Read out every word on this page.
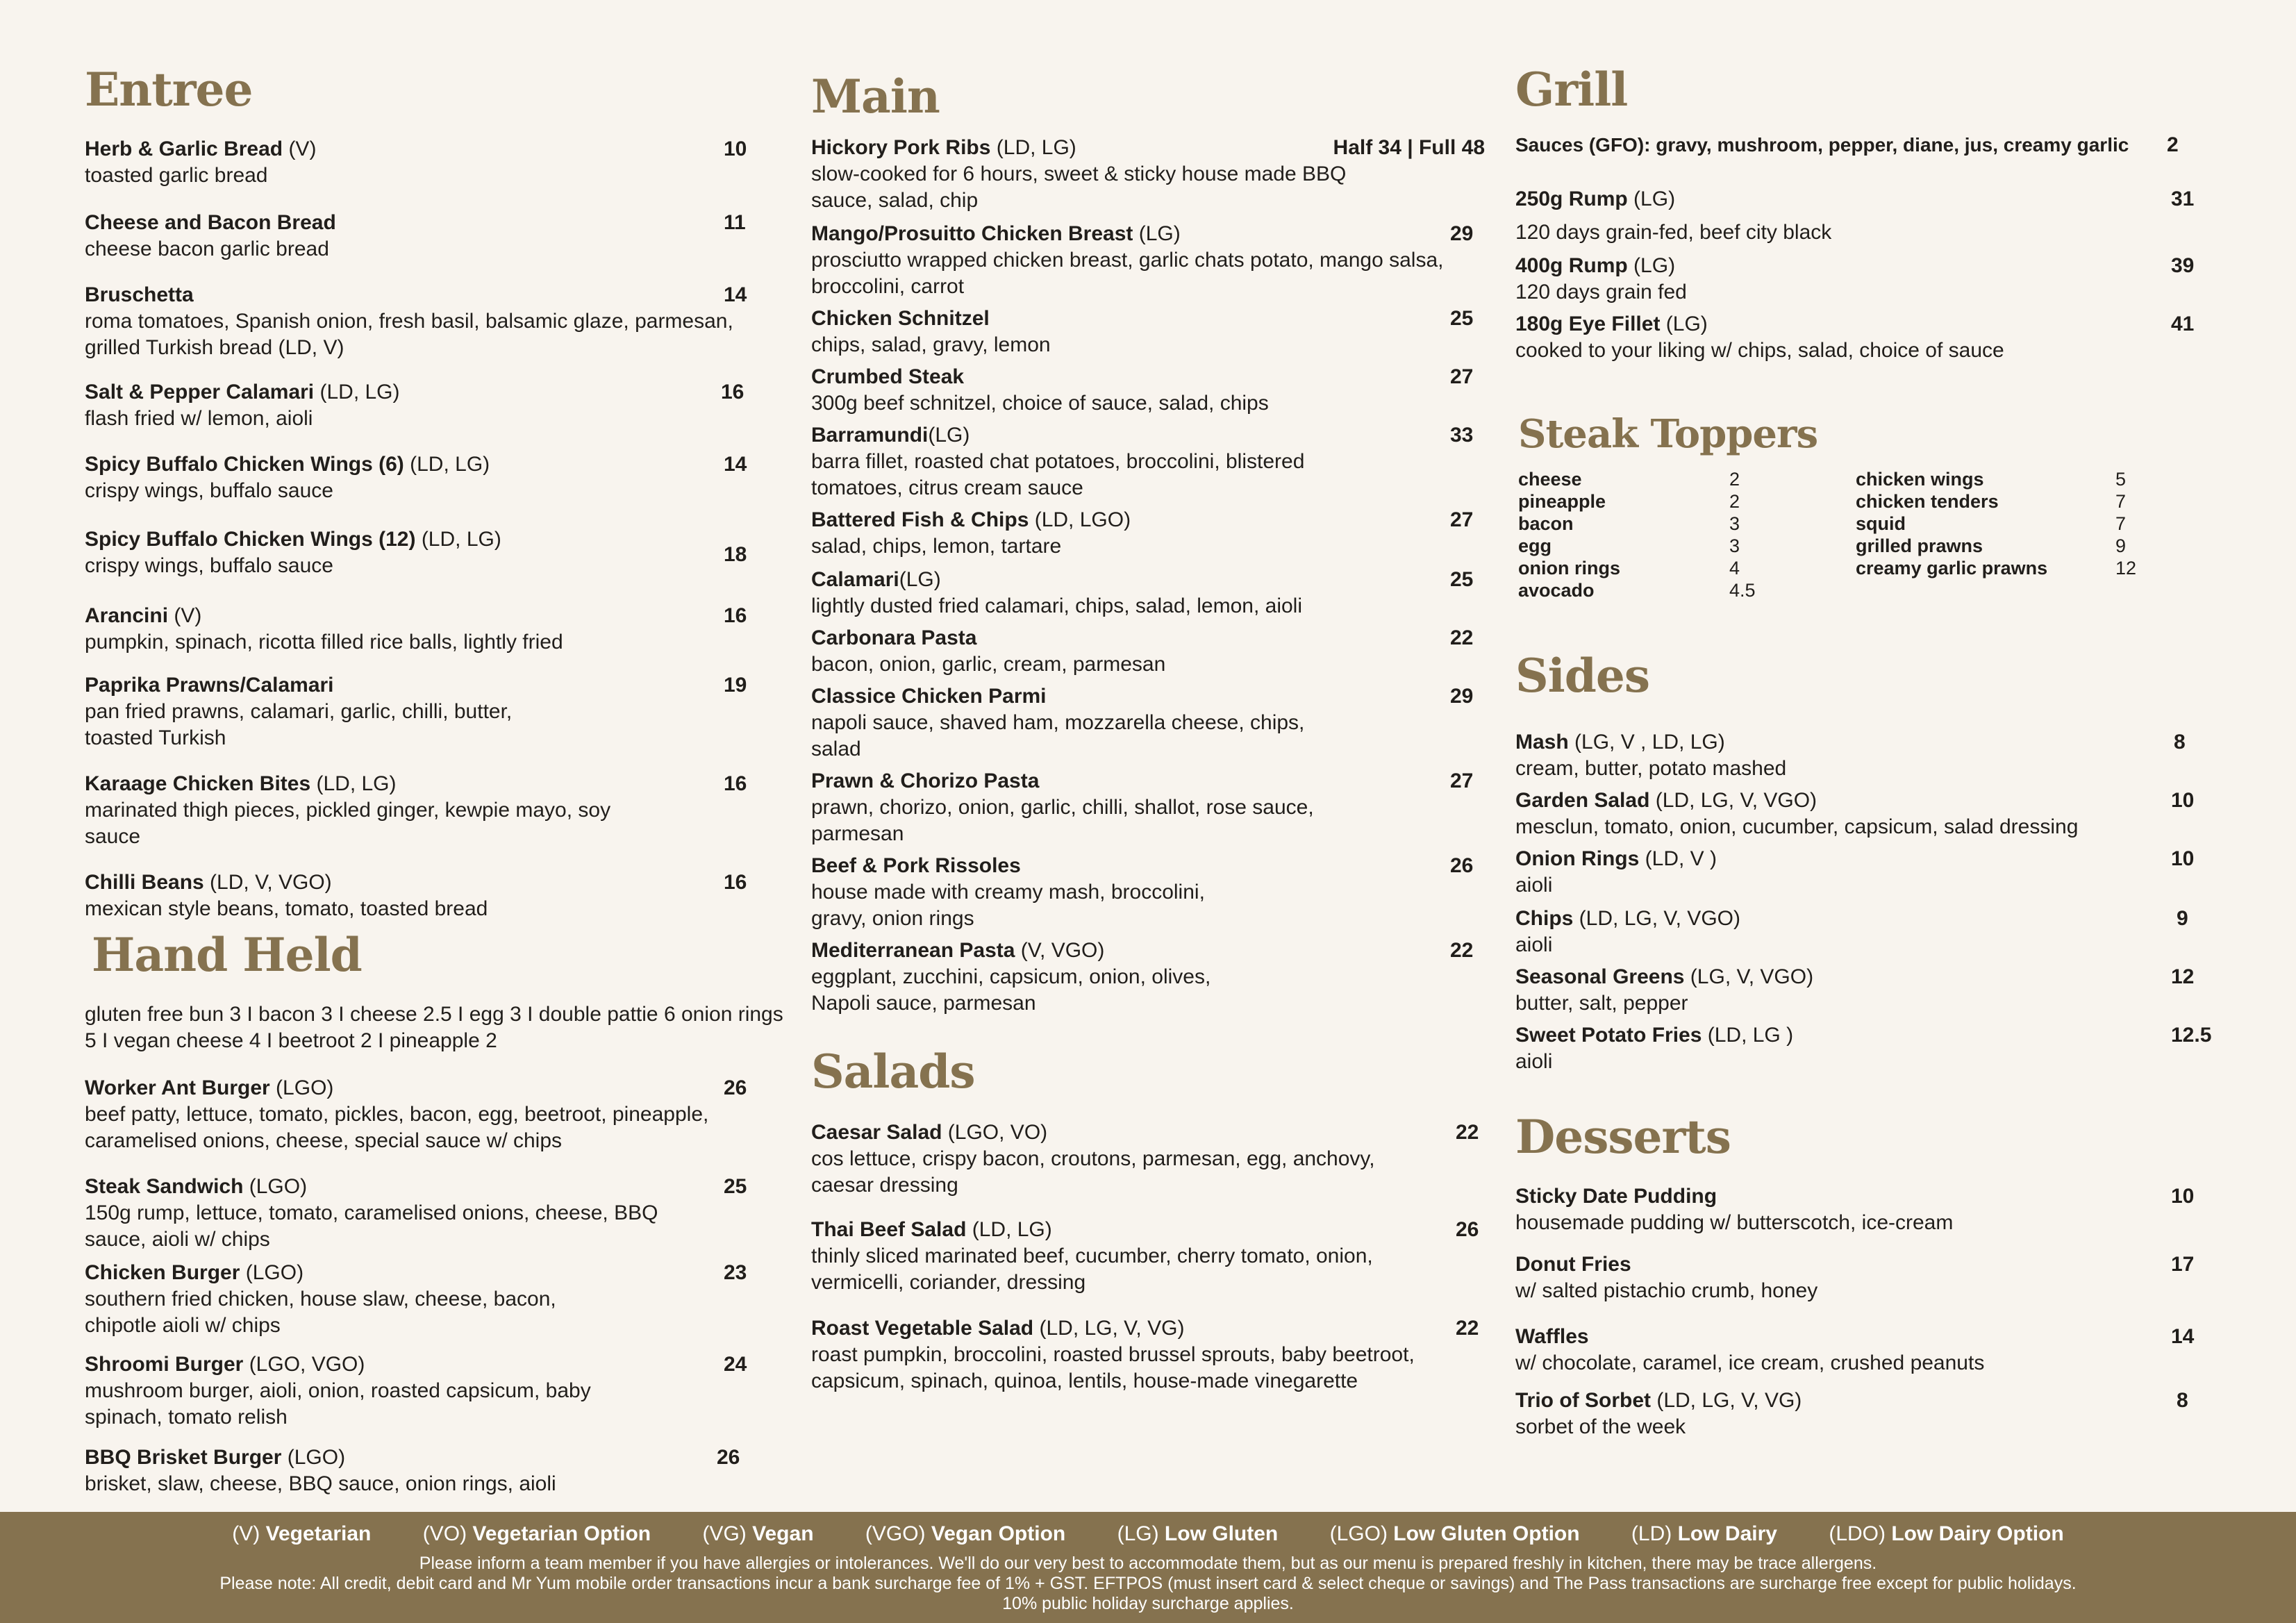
Entree
Herb & Garlic Bread (V)
toasted garlic bread
10
Cheese and Bacon Bread
cheese bacon garlic bread
11
Bruschetta
roma tomatoes, Spanish onion, fresh basil, balsamic glaze, parmesan, grilled Turkish bread (LD, V)
14
Salt & Pepper Calamari (LD, LG)
flash fried w/ lemon, aioli
16
Spicy Buffalo Chicken Wings (6) (LD, LG)
crispy wings, buffalo sauce
14
Spicy Buffalo Chicken Wings (12) (LD, LG)
crispy wings, buffalo sauce	18
Arancini (V)
pumpkin, spinach, ricotta filled rice balls, lightly fried
16
Paprika Prawns/Calamari
pan fried prawns, calamari, garlic, chilli, butter, toasted Turkish
19
Karaage Chicken Bites (LD, LG)
marinated thigh pieces, pickled ginger, kewpie mayo, soy sauce
16
Chilli Beans (LD, V, VGO)
mexican style beans, tomato, toasted bread
16
Hand Held
gluten free bun 3 I bacon 3 I cheese 2.5 I egg 3 I double pattie 6 onion rings 5 I vegan cheese 4 I beetroot 2 I pineapple 2
Worker Ant Burger (LGO)
beef patty, lettuce, tomato, pickles, bacon, egg, beetroot, pineapple, caramelised onions, cheese, special sauce w/ chips
26
Steak Sandwich (LGO)
150g rump, lettuce, tomato, caramelised onions, cheese, BBQ sauce, aioli w/ chips
25
Chicken Burger (LGO)
southern fried chicken, house slaw, cheese, bacon, chipotle aioli w/ chips
23
Shroomi Burger (LGO, VGO)
mushroom burger, aioli, onion, roasted capsicum, baby spinach, tomato relish
24
BBQ Brisket Burger (LGO)
brisket, slaw, cheese, BBQ sauce, onion rings, aioli
26
Main
Hickory Pork Ribs (LD, LG)
slow-cooked for 6 hours, sweet & sticky house made BBQ sauce, salad, chip
Half 34 | Full 48
Mango/Prosuitto Chicken Breast (LG)
prosciutto wrapped chicken breast, garlic chats potato, mango salsa, broccolini, carrot
29
Chicken Schnitzel
chips, salad, gravy, lemon
25
Crumbed Steak
300g beef schnitzel, choice of sauce, salad, chips
27
Barramundi(LG)
barra fillet, roasted chat potatoes, broccolini, blistered tomatoes, citrus cream sauce
33
Battered Fish & Chips (LD, LGO)
salad, chips, lemon, tartare
27
Calamari(LG)
lightly dusted fried calamari, chips, salad, lemon, aioli
25
Carbonara Pasta
bacon, onion, garlic, cream, parmesan
22
Classice Chicken Parmi
napoli sauce, shaved ham, mozzarella cheese, chips, salad
29
Prawn & Chorizo Pasta
prawn, chorizo, onion, garlic, chilli, shallot, rose sauce, parmesan
27
Beef & Pork Rissoles
house made with creamy mash, broccolini, gravy, onion rings
26
Mediterranean Pasta (V, VGO)
eggplant, zucchini, capsicum, onion, olives, Napoli sauce, parmesan
22
Salads
Caesar Salad (LGO, VO)
cos lettuce, crispy bacon, croutons, parmesan, egg, anchovy, caesar dressing
22
Thai Beef Salad (LD, LG)
thinly sliced marinated beef, cucumber, cherry tomato, onion, vermicelli, coriander, dressing
26
Roast Vegetable Salad (LD, LG, V, VG)
roast pumpkin, broccolini, roasted brussel sprouts, baby beetroot, capsicum, spinach, quinoa, lentils, house-made vinegarette
22
Grill
Sauces (GFO): gravy, mushroom, pepper, diane, jus, creamy garlic	2
250g Rump (LG)
120 days grain-fed, beef city black
31
400g Rump (LG)
120 days grain fed
39
180g Eye Fillet (LG)
cooked to your liking w/ chips, salad, choice of sauce
41
Steak Toppers
cheese	2
pineapple	2
bacon	3
egg	3
onion rings	4
avocado	4.5
chicken wings	5
chicken tenders	7
squid	7
grilled prawns	9
creamy garlic prawns	12
Sides
Mash (LG, V , LD, LG)
cream, butter, potato mashed
8
Garden Salad (LD, LG, V, VGO)
mesclun, tomato, onion, cucumber, capsicum, salad dressing
10
Onion Rings (LD, V )
aioli
10
Chips (LD, LG, V, VGO)
aioli
9
Seasonal Greens (LG, V, VGO)
butter, salt, pepper
12
Sweet Potato Fries (LD, LG )
aioli
12.5
Desserts
Sticky Date Pudding
housemade pudding w/ butterscotch, ice-cream
10
Donut Fries
w/ salted pistachio crumb, honey
17
Waffles
w/ chocolate, caramel, ice cream, crushed peanuts
14
Trio of Sorbet (LD, LG, V, VG)
sorbet of the week
8
(V) Vegetarian (VO) Vegetarian Option (VG) Vegan (VGO) Vegan Option (LG) Low Gluten (LGO) Low Gluten Option (LD) Low Dairy (LDO) Low Dairy Option
Please inform a team member if you have allergies or intolerances. We'll do our very best to accommodate them, but as our menu is prepared freshly in kitchen, there may be trace allergens.
Please note: All credit, debit card and Mr Yum mobile order transactions incur a bank surcharge fee of 1% + GST. EFTPOS (must insert card & select cheque or savings) and The Pass transactions are surcharge free except for public holidays.
10% public holiday surcharge applies.
